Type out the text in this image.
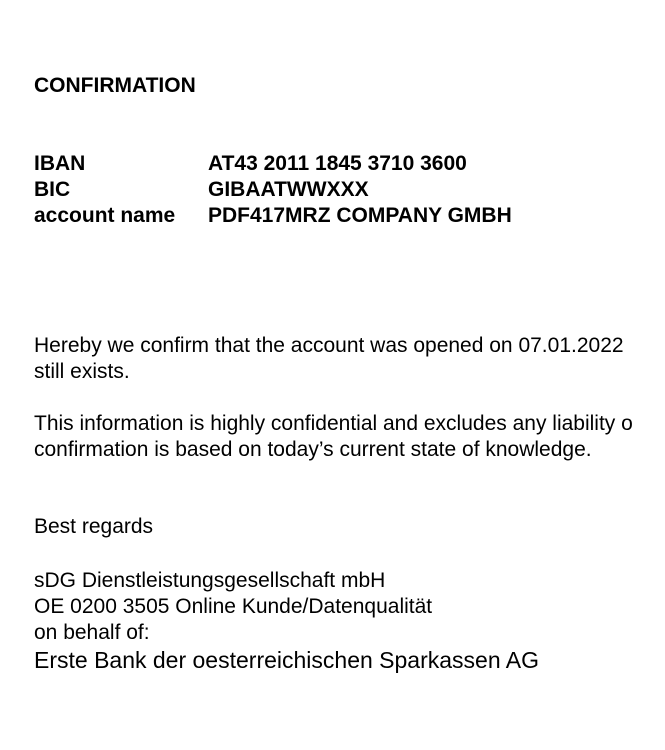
CONFIRMATION
IBAN	AT43 2011 1845 3710 3600
BIC	GIBAATWWXXX
account name	PDF417MRZ COMPANY GMBH
Hereby we confirm that the account was opened on 07.01.2022
still exists.
This information is highly confidential and excludes any liability o
confirmation is based on today’s current state of knowledge.
Best regards
sDG Dienstleistungsgesellschaft mbH
OE 0200 3505 Online Kunde/Datenqualität
on behalf of:
Erste Bank der oesterreichischen Sparkassen AG
